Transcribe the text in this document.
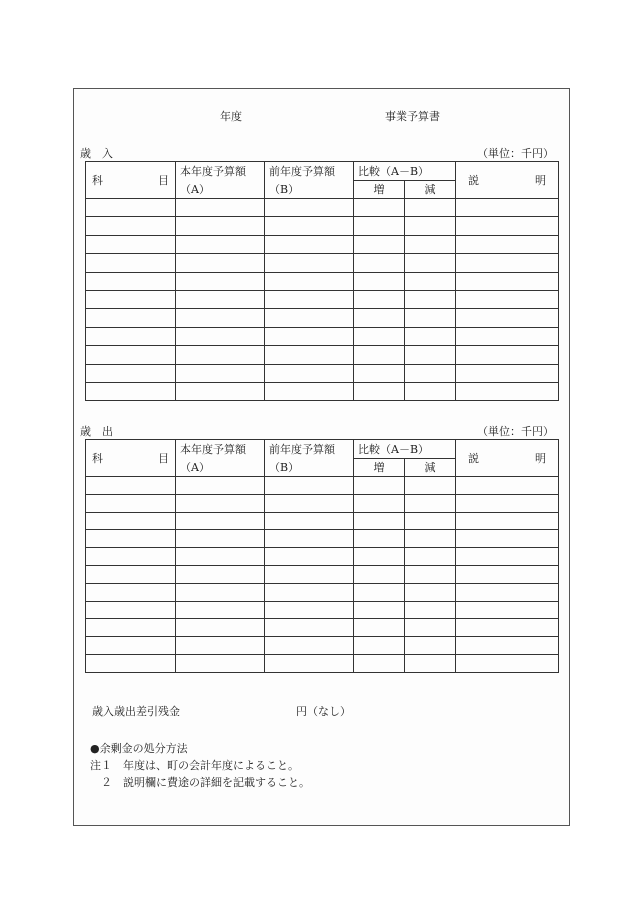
年度	事業予算書
歳　入	（単位：千円）
科 目	本年度予算額	前年度予算額	比較（A－B）		説 明

	（A）	（B）	増	減	

歳　出	（単位：千円）
科 目	本年度予算額	前年度予算額	比較（A－B）		説 明

	（A）	（B）	増	減	

歳入歳出差引残金	円（なし）
●余剰金の処分方法
注１　年度は、町の会計年度によること。
　２　説明欄に費途の詳細を記載すること。
